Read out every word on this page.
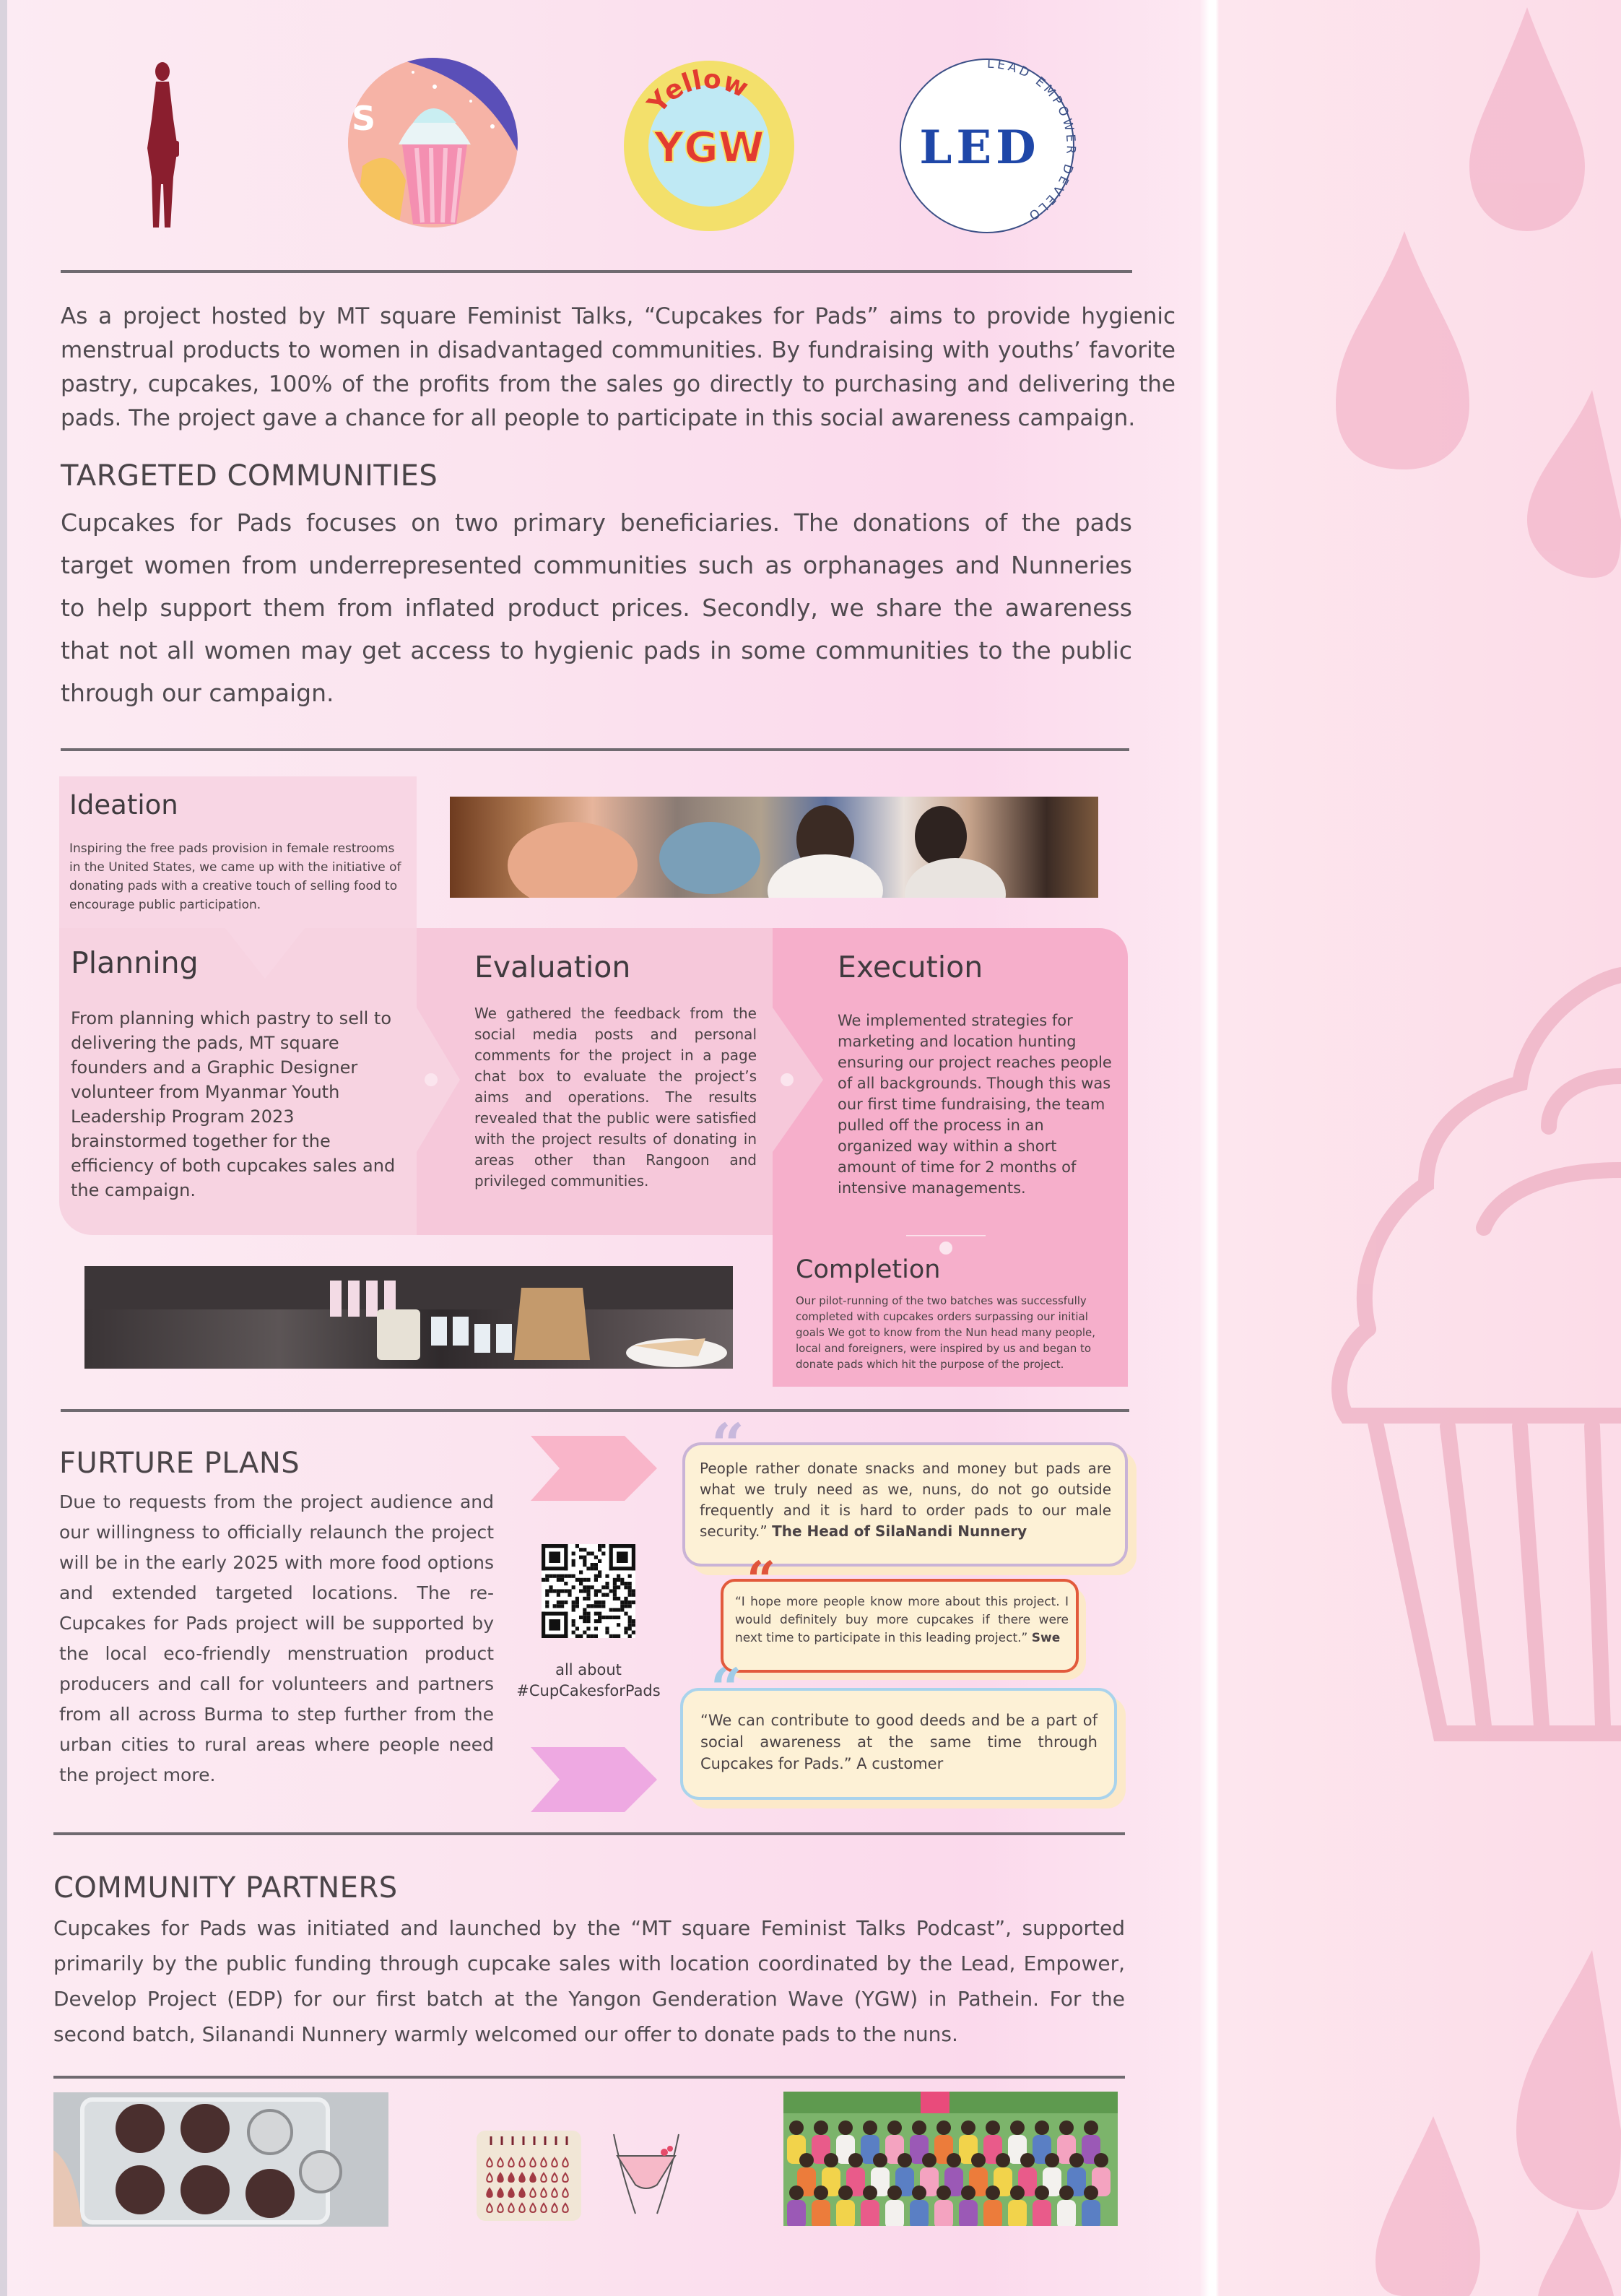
S	Yellow
YGW
LEAD EMPOWER DEVELO
LED
As a project hosted by MT square Feminist Talks, “Cupcakes for Pads” aims to provide hygienic menstrual products to women in disadvantaged communities. By fundraising with youths’ favorite pastry, cupcakes, 100% of the profits from the sales go directly to purchasing and delivering the pads. The project gave a chance for all people to participate in this social awareness campaign.
TARGETED COMMUNITIES
Cupcakes for Pads focuses on two primary beneficiaries. The donations of the pads target women from underrepresented communities such as orphanages and Nunneries to help support them from inflated product prices. Secondly, we share the awareness that not all women may get access to hygienic pads in some communities to the public through our campaign.
Ideation

Inspiring the free pads provision in female restrooms in the United States, we came up with the initiative of donating pads with a creative touch of selling food to encourage public participation.

Planning

From planning which pastry to sell to delivering the pads, MT square founders and a Graphic Designer volunteer from Myanmar Youth Leadership Program 2023 brainstormed together for the efficiency of both cupcakes sales and the campaign.

Evaluation

We gathered the feedback from the social media posts and personal comments for the project in a page chat box to evaluate the project’s aims and operations. The results revealed that the public were satisfied with the project results of donating in areas other than Rangoon and privileged communities.

Execution

We implemented strategies for marketing and location hunting ensuring our project reaches people of all backgrounds. Though this was our first time fundraising, the team pulled off the process in an organized way within a short amount of time for 2 months of intensive managements.

Completion

Our pilot-running of the two batches was successfully completed with cupcakes orders surpassing our initial goals We got to know from the Nun head many people, local and foreigners, were inspired by us and began to donate pads which hit the purpose of the project.

FURTURE PLANS
Due to requests from the project audience and our willingness to officially relaunch the project will be in the early 2025 with more food options and extended targeted locations. The re-Cupcakes for Pads project will be supported by the local eco-friendly menstruation product producers and call for volunteers and partners from all across Burma to step further from the urban cities to rural areas where people need the project more.
all about
#CupCakesforPads
“

People rather donate snacks and money but pads are what we truly need as we, nuns, do not go outside frequently and it is hard to order pads to our male security.” The Head of SilaNandi Nunnery

“

“I hope more people know more about this project. I would definitely buy more cupcakes if there were next time to participate in this leading project.” Swe

“

“We can contribute to good deeds and be a part of social awareness at the same time through Cupcakes for Pads.” A customer

COMMUNITY PARTNERS
Cupcakes for Pads was initiated and launched by the “MT square Feminist Talks Podcast”, supported primarily by the public funding through cupcake sales with location coordinated by the Lead, Empower, Develop Project (EDP) for our first batch at the Yangon Genderation Wave (YGW) in Pathein. For the second batch, Silanandi Nunnery warmly welcomed our offer to donate pads to the nuns.
